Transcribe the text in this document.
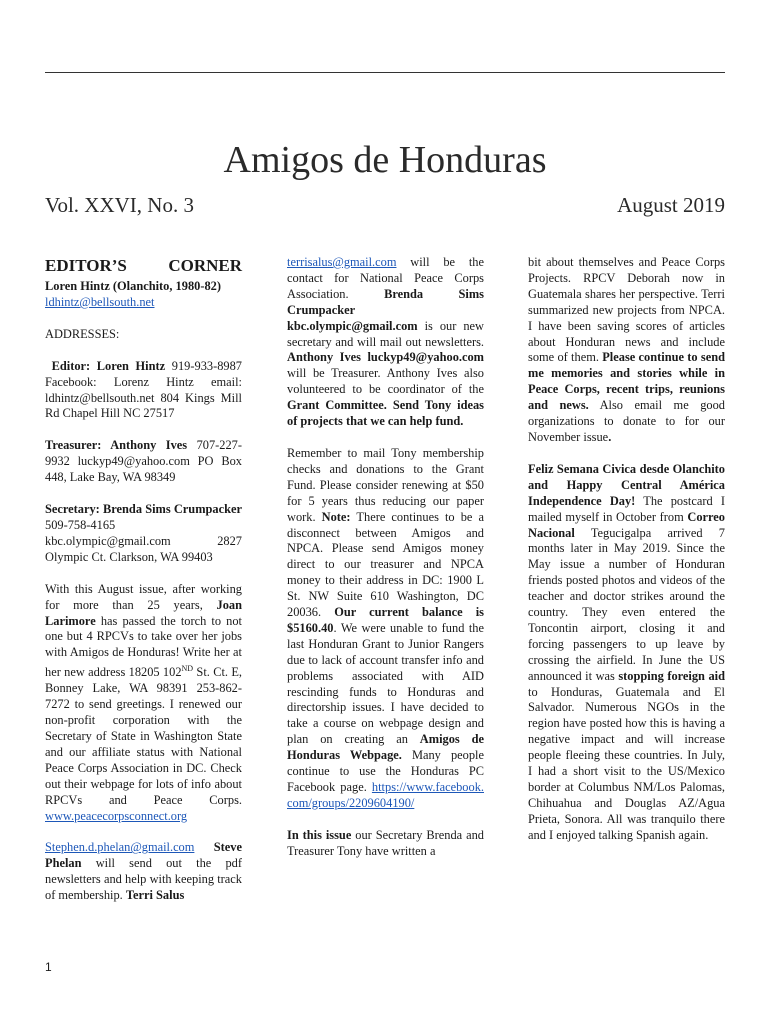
Amigos de Honduras
Vol. XXVI, No. 3	August 2019
EDITOR’S CORNER

Loren Hintz (Olanchito, 1980-82)

ldhintz@bellsouth.net

ADDRESSES:

Editor: Loren Hintz 919-933-8987 Facebook: Lorenz Hintz email: ldhintz@bellsouth.net 804 Kings Mill Rd Chapel Hill NC 27517

Treasurer: Anthony Ives 707-227-9932 luckyp49@yahoo.com PO Box 448, Lake Bay, WA 98349

Secretary: Brenda Sims Crumpacker 509-758-4165 kbc.olympic@gmail.com 2827 Olympic Ct. Clarkson, WA 99403

With this August issue, after working for more than 25 years, Joan Larimore has passed the torch to not one but 4 RPCVs to take over her jobs with Amigos de Honduras! Write her at her new address 18205 102ND St. Ct. E, Bonney Lake, WA 98391 253-862-7272 to send greetings. I renewed our non-profit corporation with the Secretary of State in Washington State and our affiliate status with National Peace Corps Association in DC. Check out their webpage for lots of info about RPCVs and Peace Corps. www.peacecorpsconnect.org

Stephen.d.phelan@gmail.com Steve Phelan will send out the pdf newsletters and help with keeping track of membership. Terri Salus

terrisalus@gmail.com will be the contact for National Peace Corps Association. Brenda Sims Crumpacker kbc.olympic@gmail.com is our new secretary and will mail out newsletters. Anthony Ives luckyp49@yahoo.com will be Treasurer. Anthony Ives also volunteered to be coordinator of the Grant Committee. Send Tony ideas of projects that we can help fund.

Remember to mail Tony membership checks and donations to the Grant Fund. Please consider renewing at $50 for 5 years thus reducing our paper work. Note: There continues to be a disconnect between Amigos and NPCA. Please send Amigos money direct to our treasurer and NPCA money to their address in DC: 1900 L St. NW Suite 610 Washington, DC 20036. Our current balance is $5160.40. We were unable to fund the last Honduran Grant to Junior Rangers due to lack of account transfer info and problems associated with AID rescinding funds to Honduras and directorship issues. I have decided to take a course on webpage design and plan on creating an Amigos de Honduras Webpage. Many people continue to use the Honduras PC Facebook page. https://www.facebook.com/groups/2209604190/

In this issue our Secretary Brenda and Treasurer Tony have written a

bit about themselves and Peace Corps Projects. RPCV Deborah now in Guatemala shares her perspective. Terri summarized new projects from NPCA. I have been saving scores of articles about Honduran news and include some of them. Please continue to send me memories and stories while in Peace Corps, recent trips, reunions and news. Also email me good organizations to donate to for our November issue.

Feliz Semana Civica desde Olanchito and Happy Central América Independence Day! The postcard I mailed myself in October from Correo Nacional Tegucigalpa arrived 7 months later in May 2019. Since the May issue a number of Honduran friends posted photos and videos of the teacher and doctor strikes around the country. They even entered the Toncontin airport, closing it and forcing passengers to up leave by crossing the airfield. In June the US announced it was stopping foreign aid to Honduras, Guatemala and El Salvador. Numerous NGOs in the region have posted how this is having a negative impact and will increase people fleeing these countries. In July, I had a short visit to the US/Mexico border at Columbus NM/Los Palomas, Chihuahua and Douglas AZ/Agua Prieta, Sonora. All was tranquilo there and I enjoyed talking Spanish again.

1
